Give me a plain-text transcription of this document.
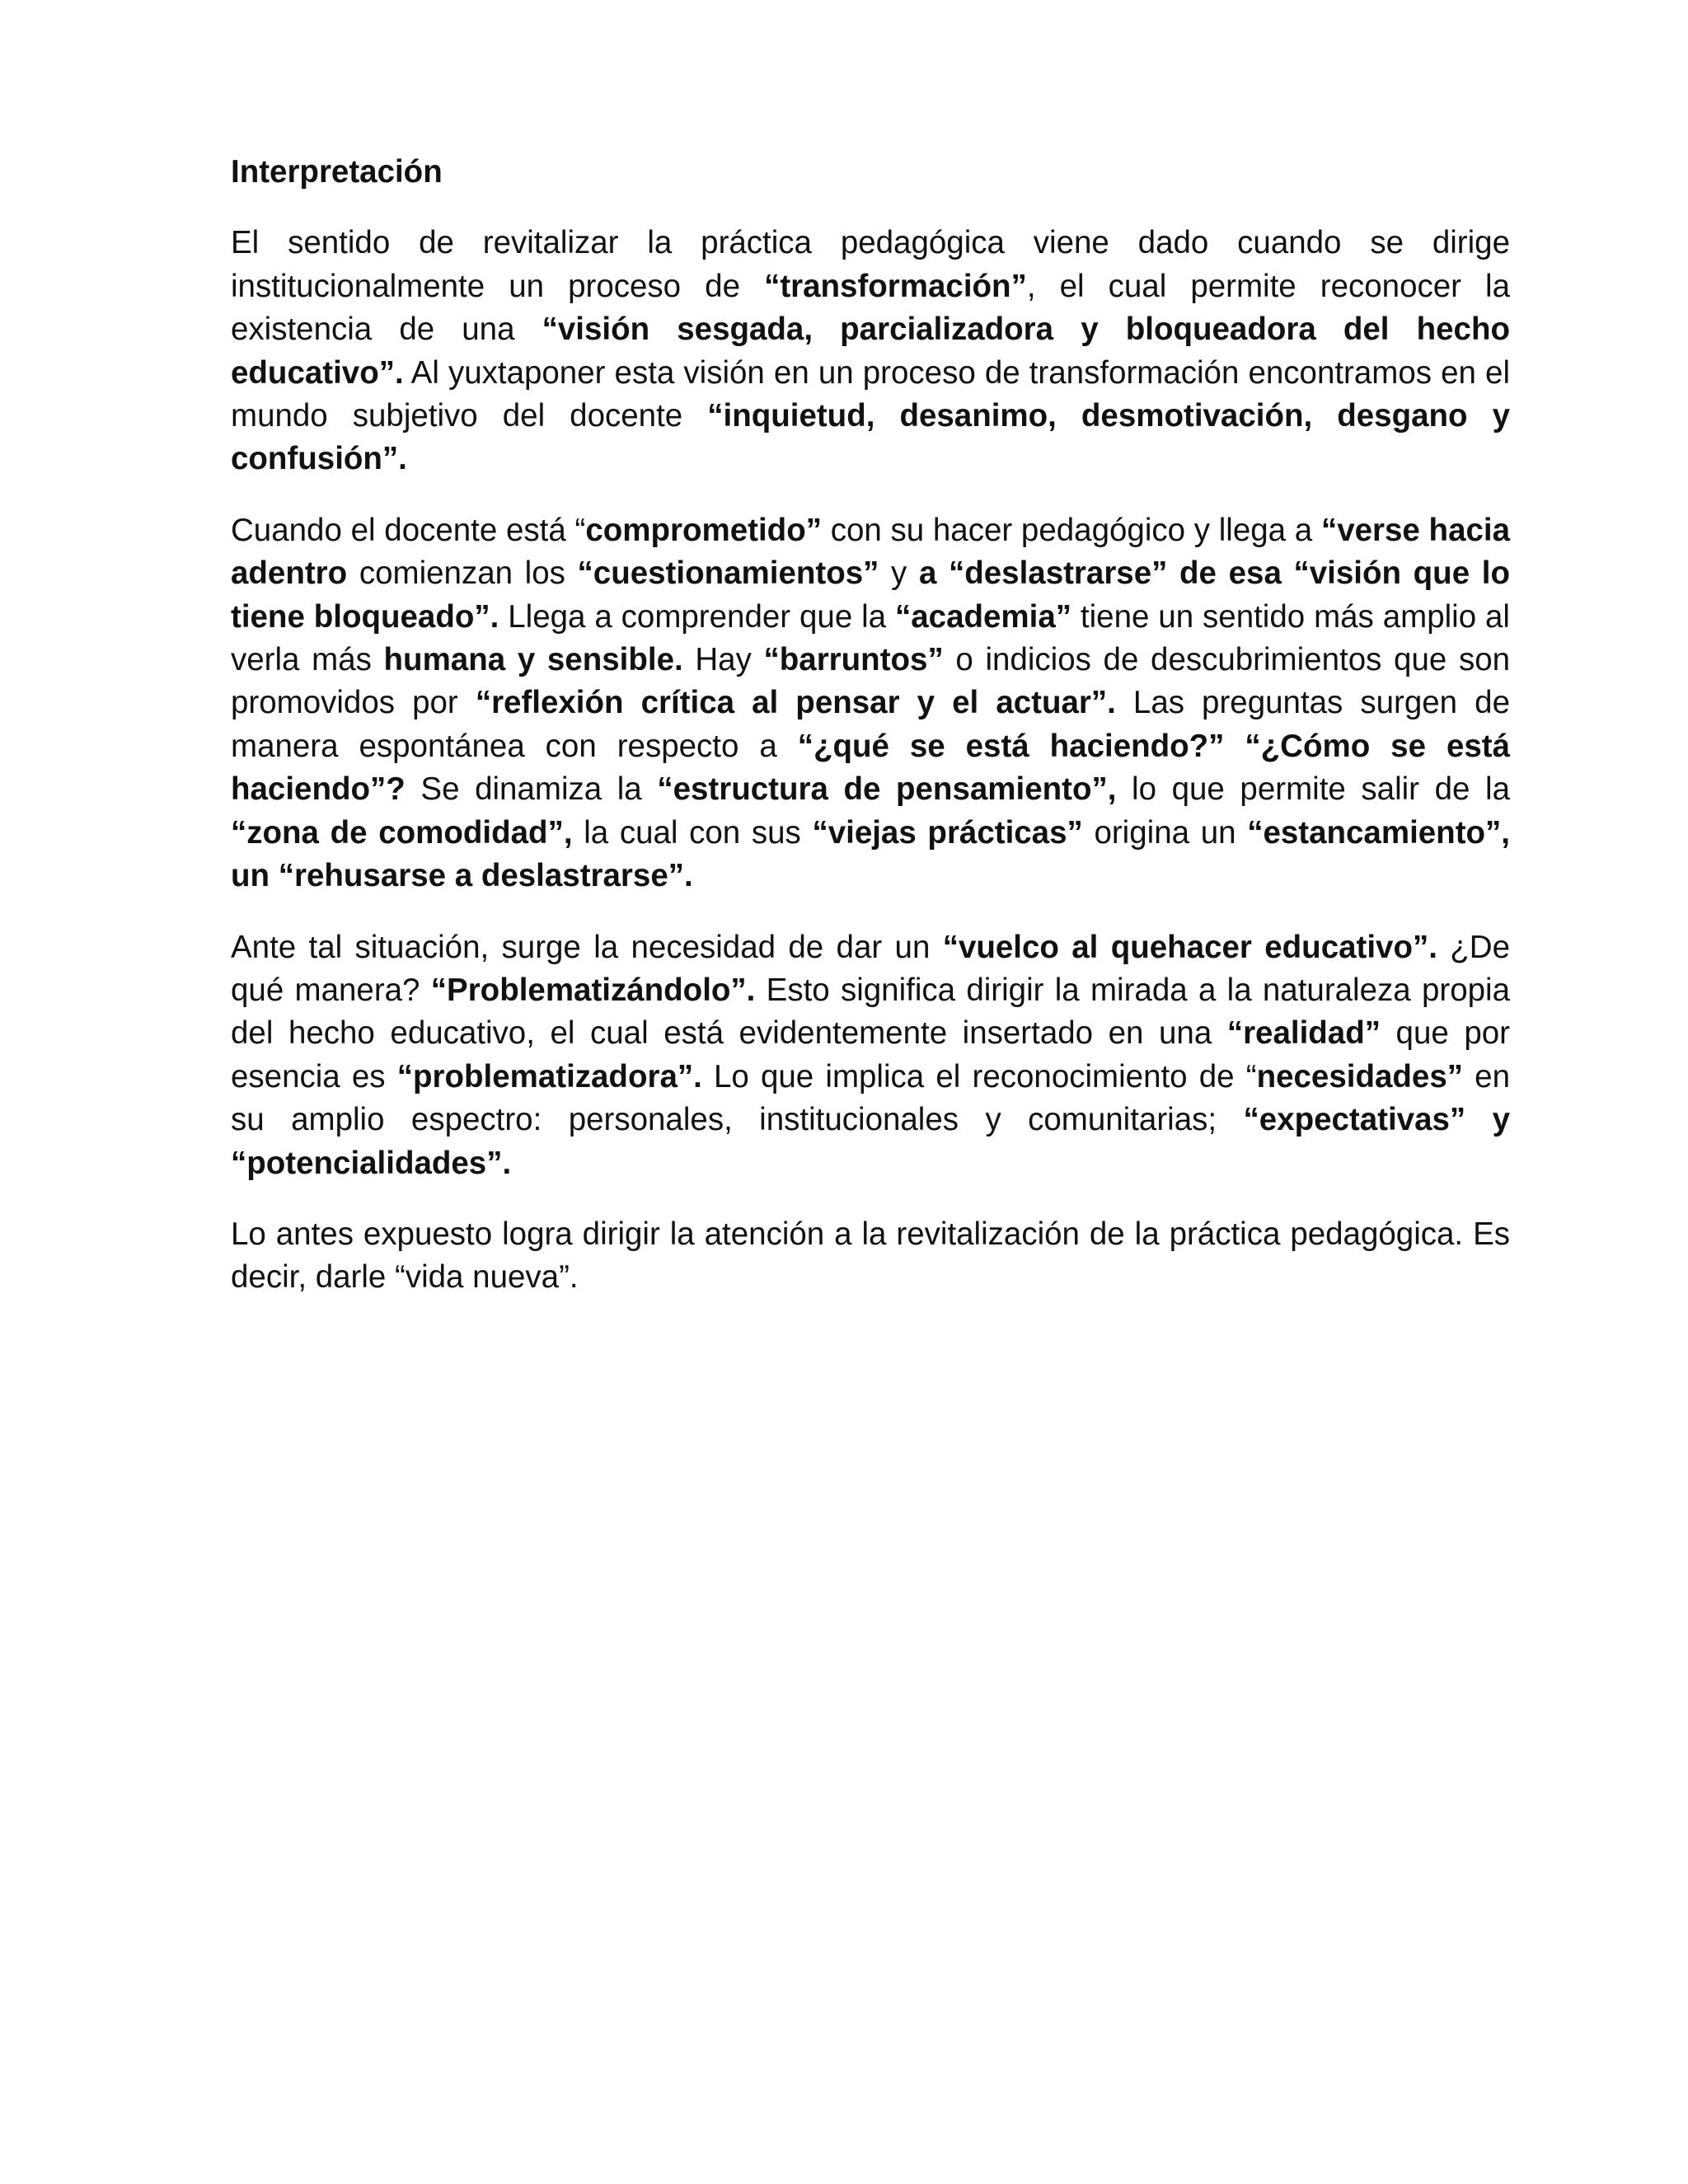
Interpretación

El sentido de revitalizar la práctica pedagógica viene dado cuando se dirige institucionalmente un proceso de “transformación”, el cual permite reconocer la existencia de una “visión sesgada, parcializadora y bloqueadora del hecho educativo”. Al yuxtaponer esta visión en un proceso de transformación encontramos en el mundo subjetivo del docente “inquietud, desanimo, desmotivación, desgano y confusión”.

Cuando el docente está “comprometido” con su hacer pedagógico y llega a “verse hacia adentro comienzan los “cuestionamientos” y a “deslastrarse” de esa “visión que lo tiene bloqueado”. Llega a comprender que la “academia” tiene un sentido más amplio al verla más humana y sensible. Hay “barruntos” o indicios de descubrimientos que son promovidos por “reflexión crítica al pensar y el actuar”. Las preguntas surgen de manera espontánea con respecto a “¿qué se está haciendo?” “¿Cómo se está haciendo”? Se dinamiza la “estructura de pensamiento”, lo que permite salir de la “zona de comodidad”, la cual con sus “viejas prácticas” origina un “estancamiento”, un “rehusarse a deslastrarse”.

Ante tal situación, surge la necesidad de dar un “vuelco al quehacer educativo”. ¿De qué manera? “Problematizándolo”. Esto significa dirigir la mirada a la naturaleza propia del hecho educativo, el cual está evidentemente insertado en una “realidad” que por esencia es “problematizadora”. Lo que implica el reconocimiento de “necesidades” en su amplio espectro: personales, institucionales y comunitarias; “expectativas” y “potencialidades”.

Lo antes expuesto logra dirigir la atención a la revitalización de la práctica pedagógica. Es decir, darle “vida nueva”.
